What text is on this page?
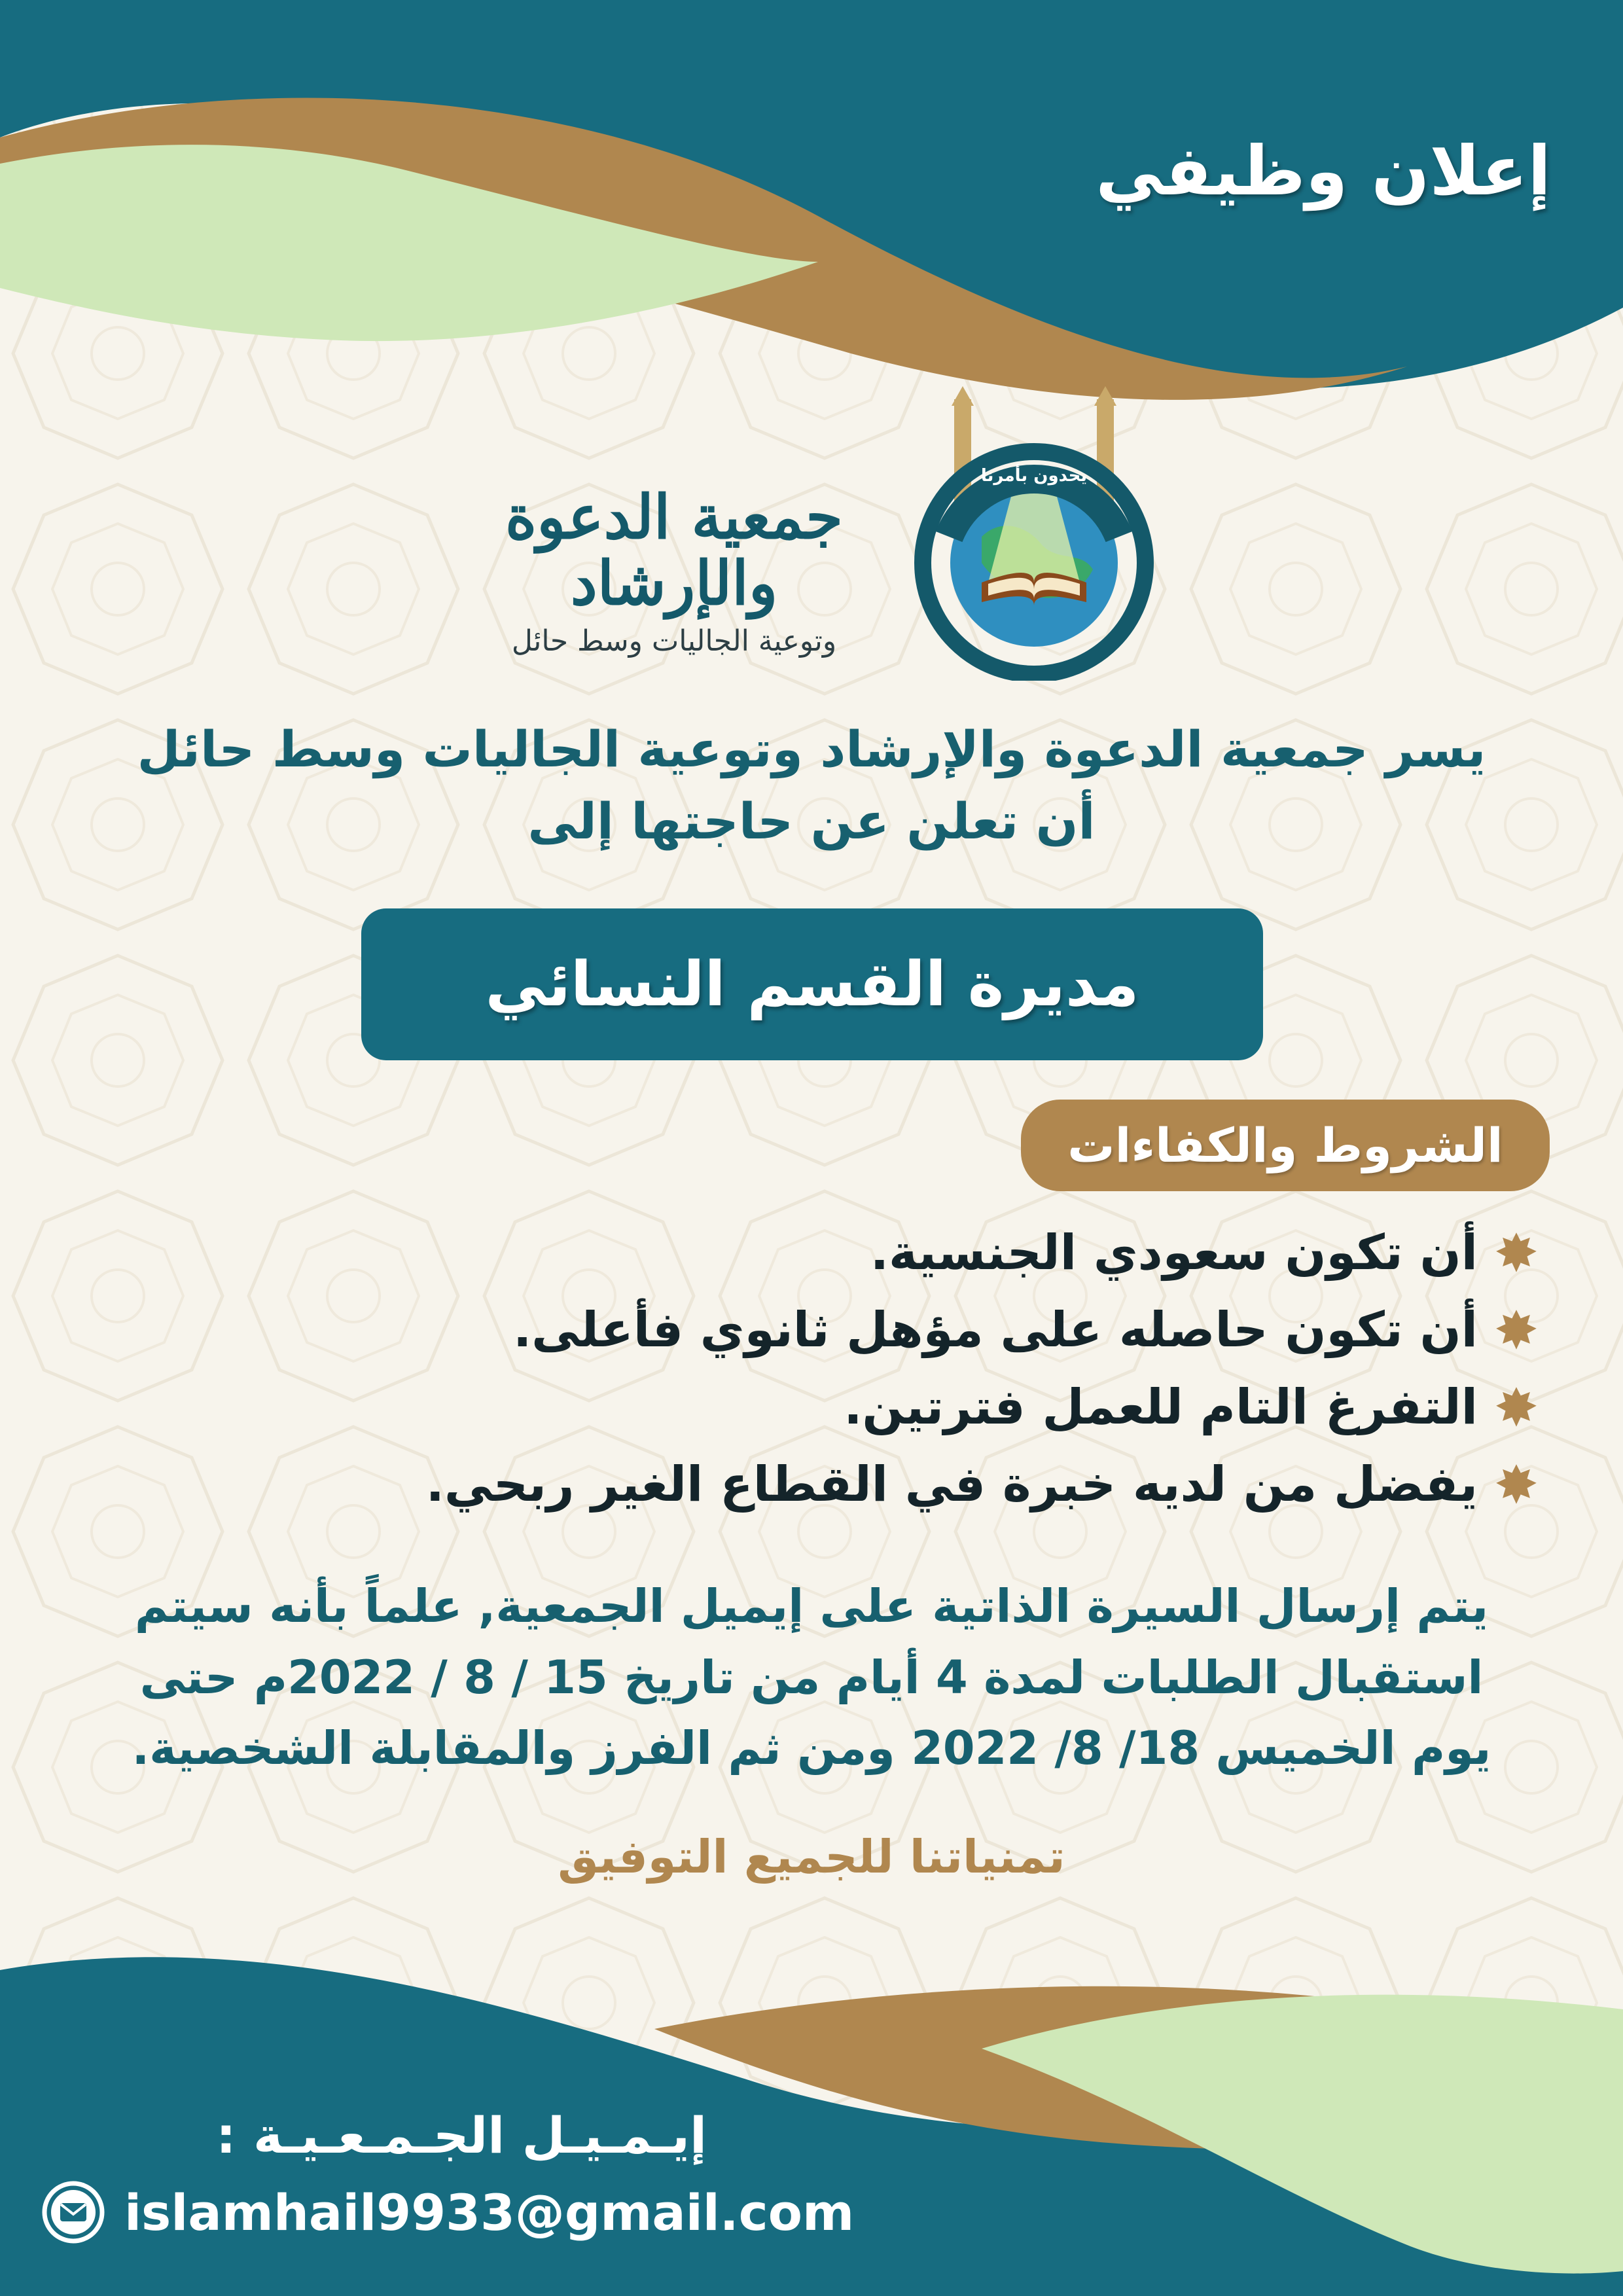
إعلان وظيفي
يحدون بأمرنا
جمعية الدعوة والإرشاد
وتوعية الجاليات وسط حائل
يسر جمعية الدعوة والإرشاد وتوعية الجاليات وسط حائل
أن تعلن عن حاجتها إلى
مديرة القسم النسائي
الشروط والكفاءات
أن تكون سعودي الجنسية.
أن تكون حاصله على مؤهل ثانوي فأعلى.
التفرغ التام للعمل فترتين.
يفضل من لديه خبرة في القطاع الغير ربحي.
يتم إرسال السيرة الذاتية على إيميل الجمعية, علماً بأنه سيتم
استقبال الطلبات لمدة 4 أيام من تاريخ 15 / 8 / 2022م حتى
يوم الخميس 18/ 8/ 2022 ومن ثم الفرز والمقابلة الشخصية.
تمنياتنا للجميع التوفيق
إيـمـيـل الجـمـعـيـة :
islamhail9933@gmail.com
